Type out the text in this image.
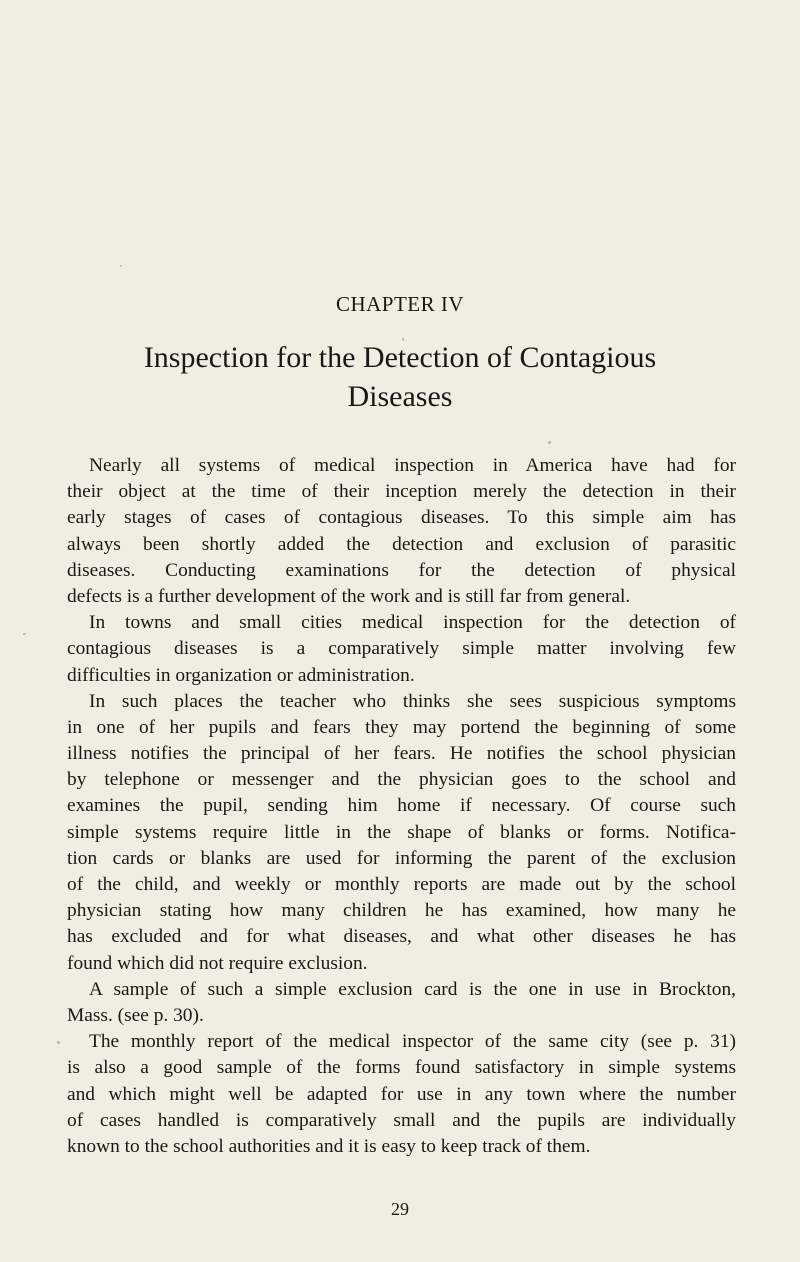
CHAPTER IV
Inspection for the Detection of Contagious
Diseases
Nearly all systems of medical inspection in America have had for
their object at the time of their inception merely the detection in their
early stages of cases of contagious diseases. To this simple aim has
always been shortly added the detection and exclusion of parasitic
diseases. Conducting examinations for the detection of physical
defects is a further development of the work and is still far from general.
In towns and small cities medical inspection for the detection of
contagious diseases is a comparatively simple matter involving few
difficulties in organization or administration.
In such places the teacher who thinks she sees suspicious symptoms
in one of her pupils and fears they may portend the beginning of some
illness notifies the principal of her fears. He notifies the school physician
by telephone or messenger and the physician goes to the school and
examines the pupil, sending him home if necessary. Of course such
simple systems require little in the shape of blanks or forms. Notifica-
tion cards or blanks are used for informing the parent of the exclusion
of the child, and weekly or monthly reports are made out by the school
physician stating how many children he has examined, how many he
has excluded and for what diseases, and what other diseases he has
found which did not require exclusion.
A sample of such a simple exclusion card is the one in use in Brockton,
Mass. (see p. 30).
The monthly report of the medical inspector of the same city (see p. 31)
is also a good sample of the forms found satisfactory in simple systems
and which might well be adapted for use in any town where the number
of cases handled is comparatively small and the pupils are individually
known to the school authorities and it is easy to keep track of them.
29
